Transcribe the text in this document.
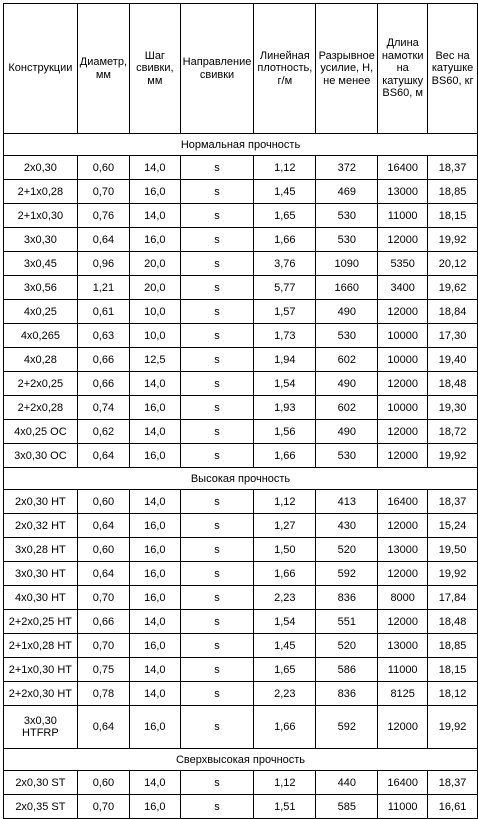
Конструкции	Диаметр, мм	Шаг свивки, мм	Направление свивки	Линейная плотность, г/м	Разрывное усилие, Н, не менее	Длина намотки на катушку BS60, м	Вес на катушке BS60, кг
Нормальная прочность							
2х0,30	0,60	14,0	s	1,12	372	16400	18,37
2+1х0,28	0,70	16,0	s	1,45	469	13000	18,85
2+1х0,30	0,76	14,0	s	1,65	530	11000	18,15
3х0,30	0,64	16,0	s	1,66	530	12000	19,92
3х0,45	0,96	20,0	s	3,76	1090	5350	20,12
3х0,56	1,21	20,0	s	5,77	1660	3400	19,62
4х0,25	0,61	10,0	s	1,57	490	12000	18,84
4х0,265	0,63	10,0	s	1,73	530	10000	17,30
4х0,28	0,66	12,5	s	1,94	602	10000	19,40
2+2х0,25	0,66	14,0	s	1,54	490	12000	18,48
2+2х0,28	0,74	16,0	s	1,93	602	10000	19,30
4х0,25 OC	0,62	14,0	s	1,56	490	12000	18,72
3х0,30 OC	0,64	16,0	s	1,66	530	12000	19,92
Высокая прочность							
2х0,30 HT	0,60	14,0	s	1,12	413	16400	18,37
2х0,32 HT	0,64	16,0	s	1,27	430	12000	15,24
3х0,28 HT	0,60	16,0	s	1,50	520	13000	19,50
3х0,30 HT	0,64	16,0	s	1,66	592	12000	19,92
4х0,30 HT	0,70	16,0	s	2,23	836	8000	17,84
2+2х0,25 HT	0,66	14,0	s	1,54	551	12000	18,48
2+1х0,28 HT	0,70	16,0	s	1,45	520	13000	18,85
2+1х0,30 HT	0,75	14,0	s	1,65	586	11000	18,15
2+2х0,30 HT	0,78	14,0	s	2,23	836	8125	18,12
3х0,30 HTFRP	0,64	16,0	s	1,66	592	12000	19,92
Сверхвысокая прочность							
2х0,30 ST	0,60	14,0	s	1,12	440	16400	18,37
2х0,35 ST	0,70	16,0	s	1,51	585	11000	16,61
